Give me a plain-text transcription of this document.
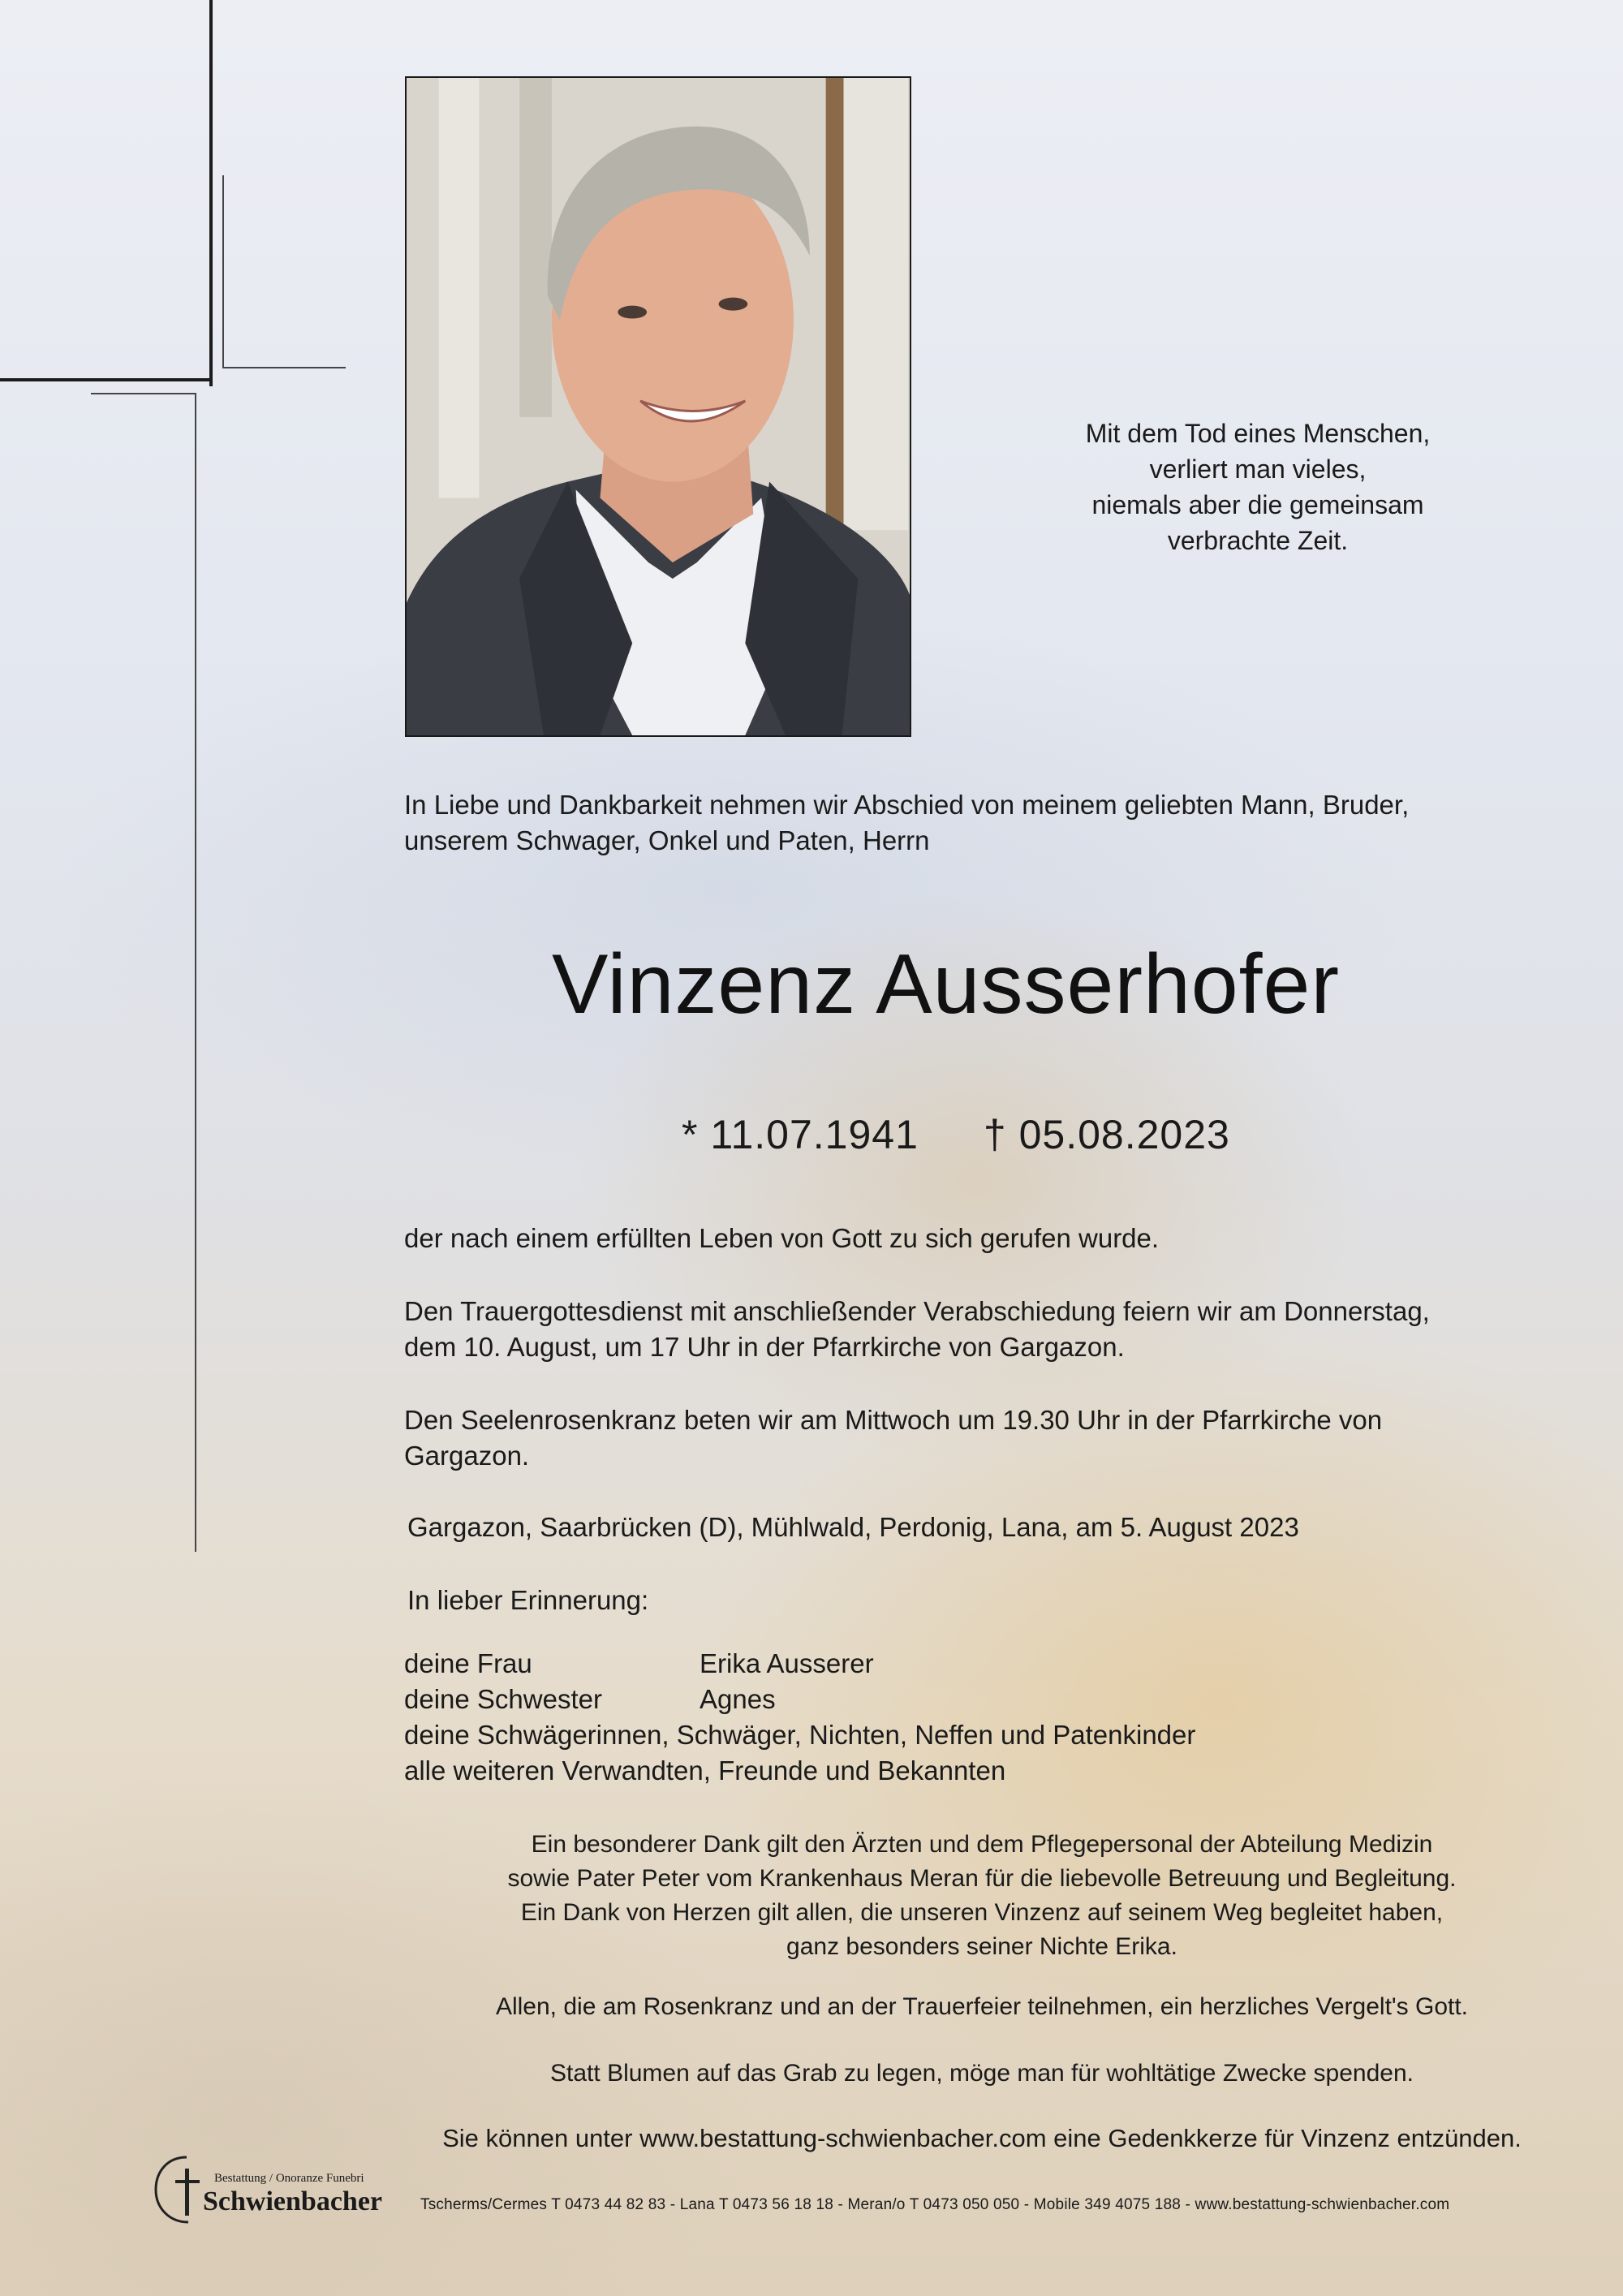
Mit dem Tod eines Menschen,
verliert man vieles,
niemals aber die gemeinsam
verbrachte Zeit.
In Liebe und Dankbarkeit nehmen wir Abschied von meinem geliebten Mann, Bruder,
unserem Schwager, Onkel und Paten, Herrn
Vinzenz Ausserhofer
* 11.07.1941 † 05.08.2023
der nach einem erfüllten Leben von Gott zu sich gerufen wurde.
Den Trauergottesdienst mit anschließender Verabschiedung feiern wir am Donnerstag,
dem 10. August, um 17 Uhr in der Pfarrkirche von Gargazon.
Den Seelenrosenkranz beten wir am Mittwoch um 19.30 Uhr in der Pfarrkirche von
Gargazon.
Gargazon, Saarbrücken (D), Mühlwald, Perdonig, Lana, am 5. August 2023
In lieber Erinnerung:
deine Frau	Erika Ausserer
deine Schwester	Agnes
deine Schwägerinnen, Schwäger, Nichten, Neffen und Patenkinder
alle weiteren Verwandten, Freunde und Bekannten
Ein besonderer Dank gilt den Ärzten und dem Pflegepersonal der Abteilung Medizin
sowie Pater Peter vom Krankenhaus Meran für die liebevolle Betreuung und Begleitung.
Ein Dank von Herzen gilt allen, die unseren Vinzenz auf seinem Weg begleitet haben,
ganz besonders seiner Nichte Erika.
Allen, die am Rosenkranz und an der Trauerfeier teilnehmen, ein herzliches Vergelt's Gott.
Statt Blumen auf das Grab zu legen, möge man für wohltätige Zwecke spenden.
Sie können unter www.bestattung-schwienbacher.com eine Gedenkkerze für Vinzenz entzünden.
Bestattung / Onoranze Funebri
Schwienbacher Tscherms/Cermes T 0473 44 82 83 - Lana T 0473 56 18 18 - Meran/o T 0473 050 050 - Mobile 349 4075 188 - www.bestattung-schwienbacher.com
